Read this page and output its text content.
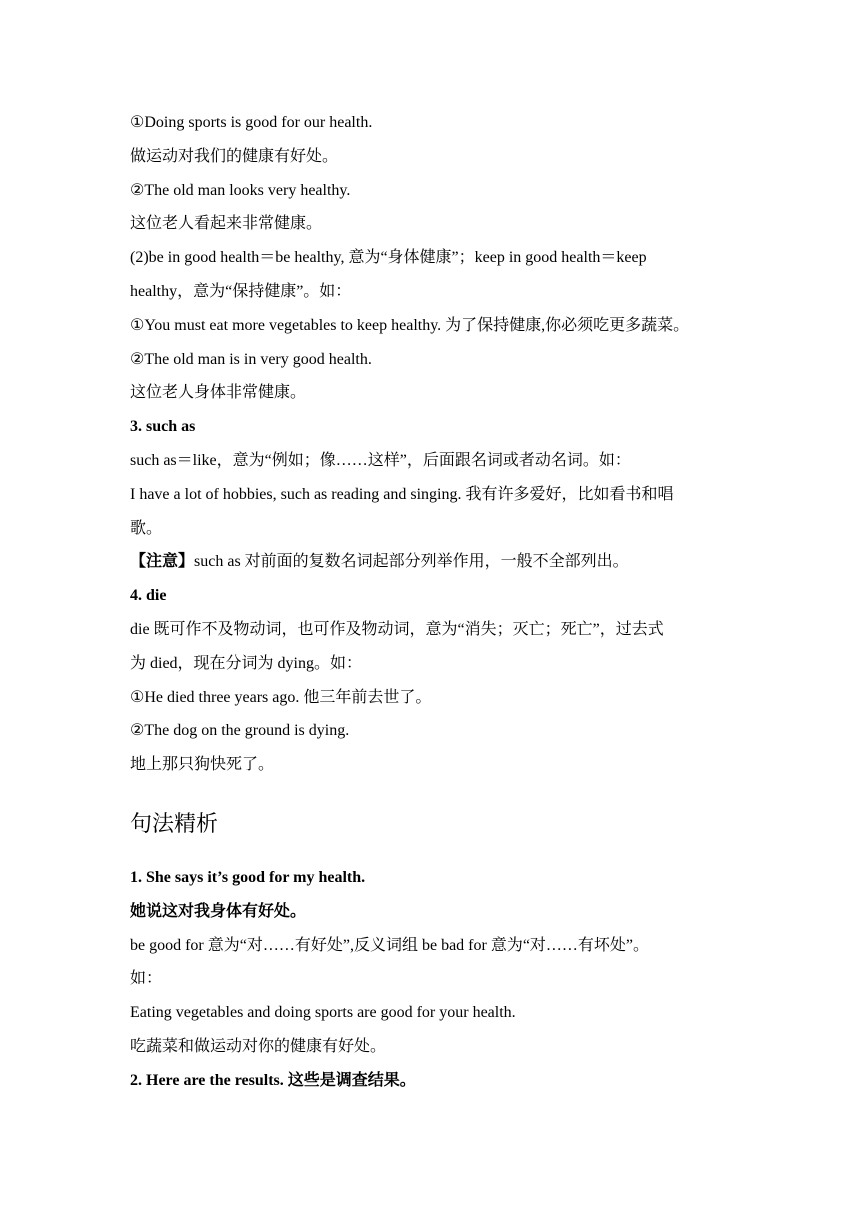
①Doing sports is good for our health.
做运动对我们的健康有好处。
②The old man looks very healthy.
这位老人看起来非常健康。
(2)be in good health＝be healthy, 意为“身体健康”；keep in good health＝keep
healthy，意为“保持健康”。如：
①You must eat more vegetables to keep healthy. 为了保持健康,你必须吃更多蔬菜。
②The old man is in very good health.
这位老人身体非常健康。
3. such as
such as＝like，意为“例如；像……这样”，后面跟名词或者动名词。如：
I have a lot of hobbies, such as reading and singing. 我有许多爱好，比如看书和唱
歌。
【注意】such as 对前面的复数名词起部分列举作用，一般不全部列出。
4. die
die 既可作不及物动词，也可作及物动词，意为“消失；灭亡；死亡”，过去式
为 died，现在分词为 dying。如：
①He died three years ago. 他三年前去世了。
②The dog on the ground is dying.
地上那只狗快死了。
句法精析
1. She says it’s good for my health.
她说这对我身体有好处。
be good for 意为“对……有好处”,反义词组 be bad for 意为“对……有坏处”。
如：
Eating vegetables and doing sports are good for your health.
吃蔬菜和做运动对你的健康有好处。
2. Here are the results. 这些是调查结果。
